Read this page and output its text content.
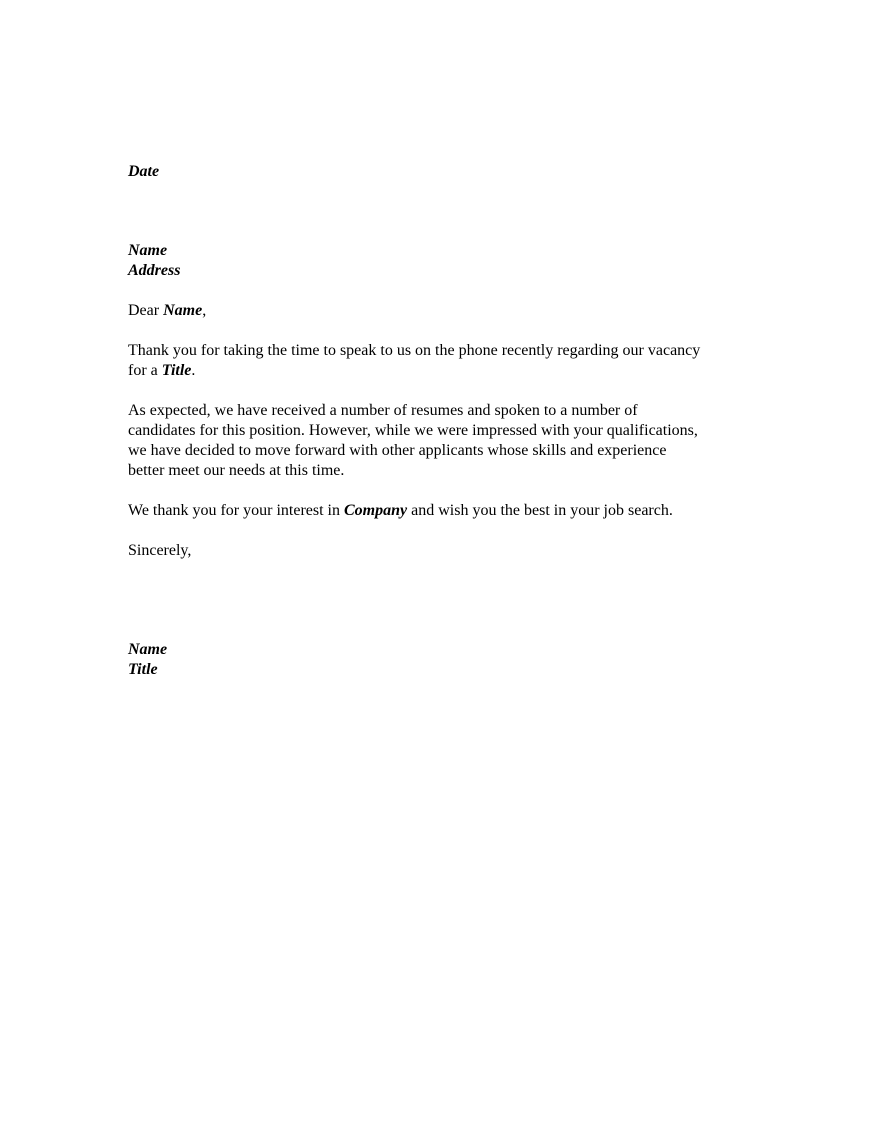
Date
Name
Address
Dear Name,
Thank you for taking the time to speak to us on the phone recently regarding our vacancy
for a Title.
As expected, we have received a number of resumes and spoken to a number of
candidates for this position. However, while we were impressed with your qualifications,
we have decided to move forward with other applicants whose skills and experience
better meet our needs at this time.
We thank you for your interest in Company and wish you the best in your job search.
Sincerely,
Name
Title
